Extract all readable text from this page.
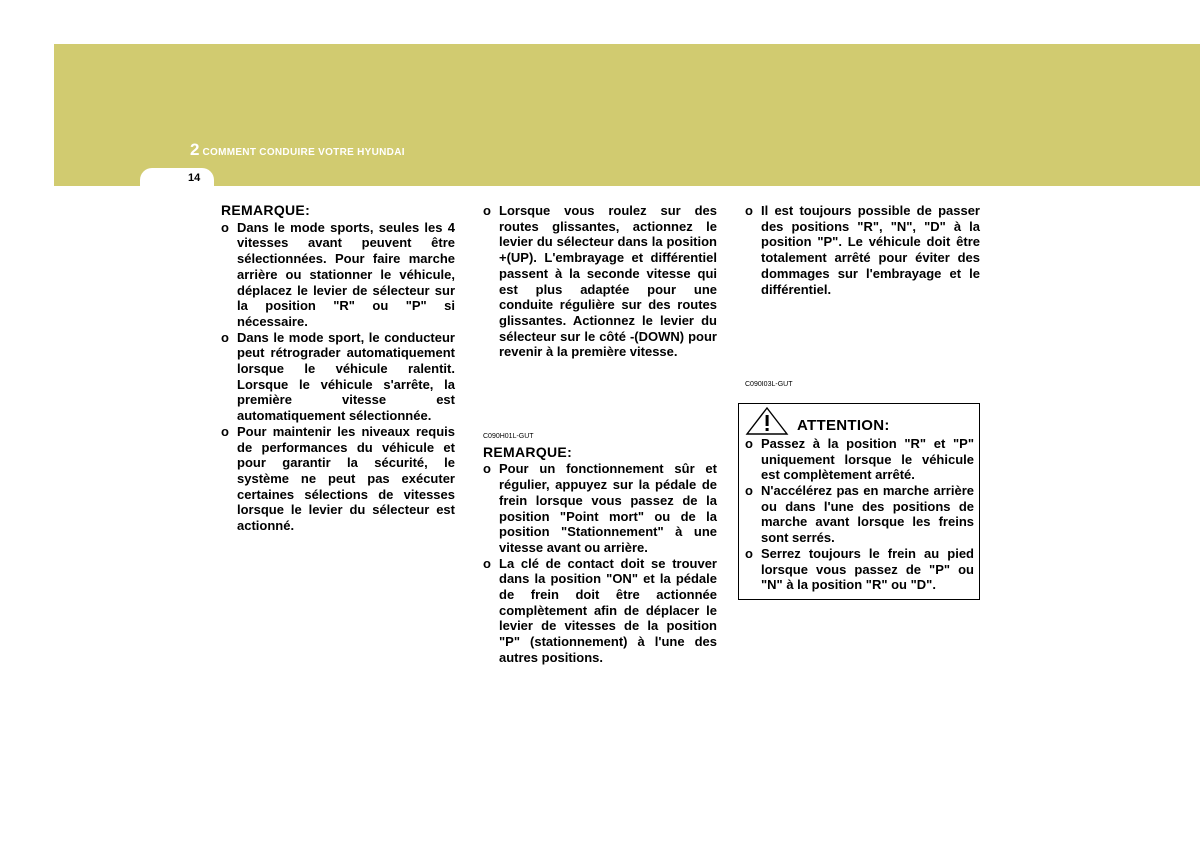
2 COMMENT CONDUIRE VOTRE HYUNDAI
14
REMARQUE:
o Dans le mode sports, seules les 4 vitesses avant peuvent être sélectionnées. Pour faire marche arrière ou stationner le véhicule, déplacez le levier de sélecteur sur la position "R" ou "P" si nécessaire.
o Dans le mode sport, le conducteur peut rétrograder automatiquement lorsque le véhicule ralentit. Lorsque le véhicule s'arrête, la première vitesse est automatiquement sélectionnée.
o Pour maintenir les niveaux requis de performances du véhicule et pour garantir la sécurité, le système ne peut pas exécuter certaines sélections de vitesses lorsque le levier du sélecteur est actionné.
o Lorsque vous roulez sur des routes glissantes, actionnez le levier du sélecteur dans la position +(UP). L'embrayage et différentiel passent à la seconde vitesse qui est plus adaptée pour une conduite régulière sur des routes glissantes. Actionnez le levier du sélecteur sur le côté -(DOWN) pour revenir à la première vitesse.
C090H01L-GUT
REMARQUE:
o Pour un fonctionnement sûr et régulier, appuyez sur la pédale de frein lorsque vous passez de la position "Point mort" ou de la position "Stationnement" à une vitesse avant ou arrière.
o La clé de contact doit se trouver dans la position "ON" et la pédale de frein doit être actionnée complètement afin de déplacer le levier de vitesses de la position "P" (stationnement) à l'une des autres positions.
o Il est toujours possible de passer des positions "R", "N", "D" à la position "P". Le véhicule doit être totalement arrêté pour éviter des dommages sur l'embrayage et le différentiel.
C090I03L-GUT
ATTENTION:
o Passez à la position "R" et "P" uniquement lorsque le véhicule est complètement arrêté.
o N'accélérez pas en marche arrière ou dans l'une des positions de marche avant lorsque les freins sont serrés.
o Serrez toujours le frein au pied lorsque vous passez de "P" ou "N" à la position "R" ou "D".
